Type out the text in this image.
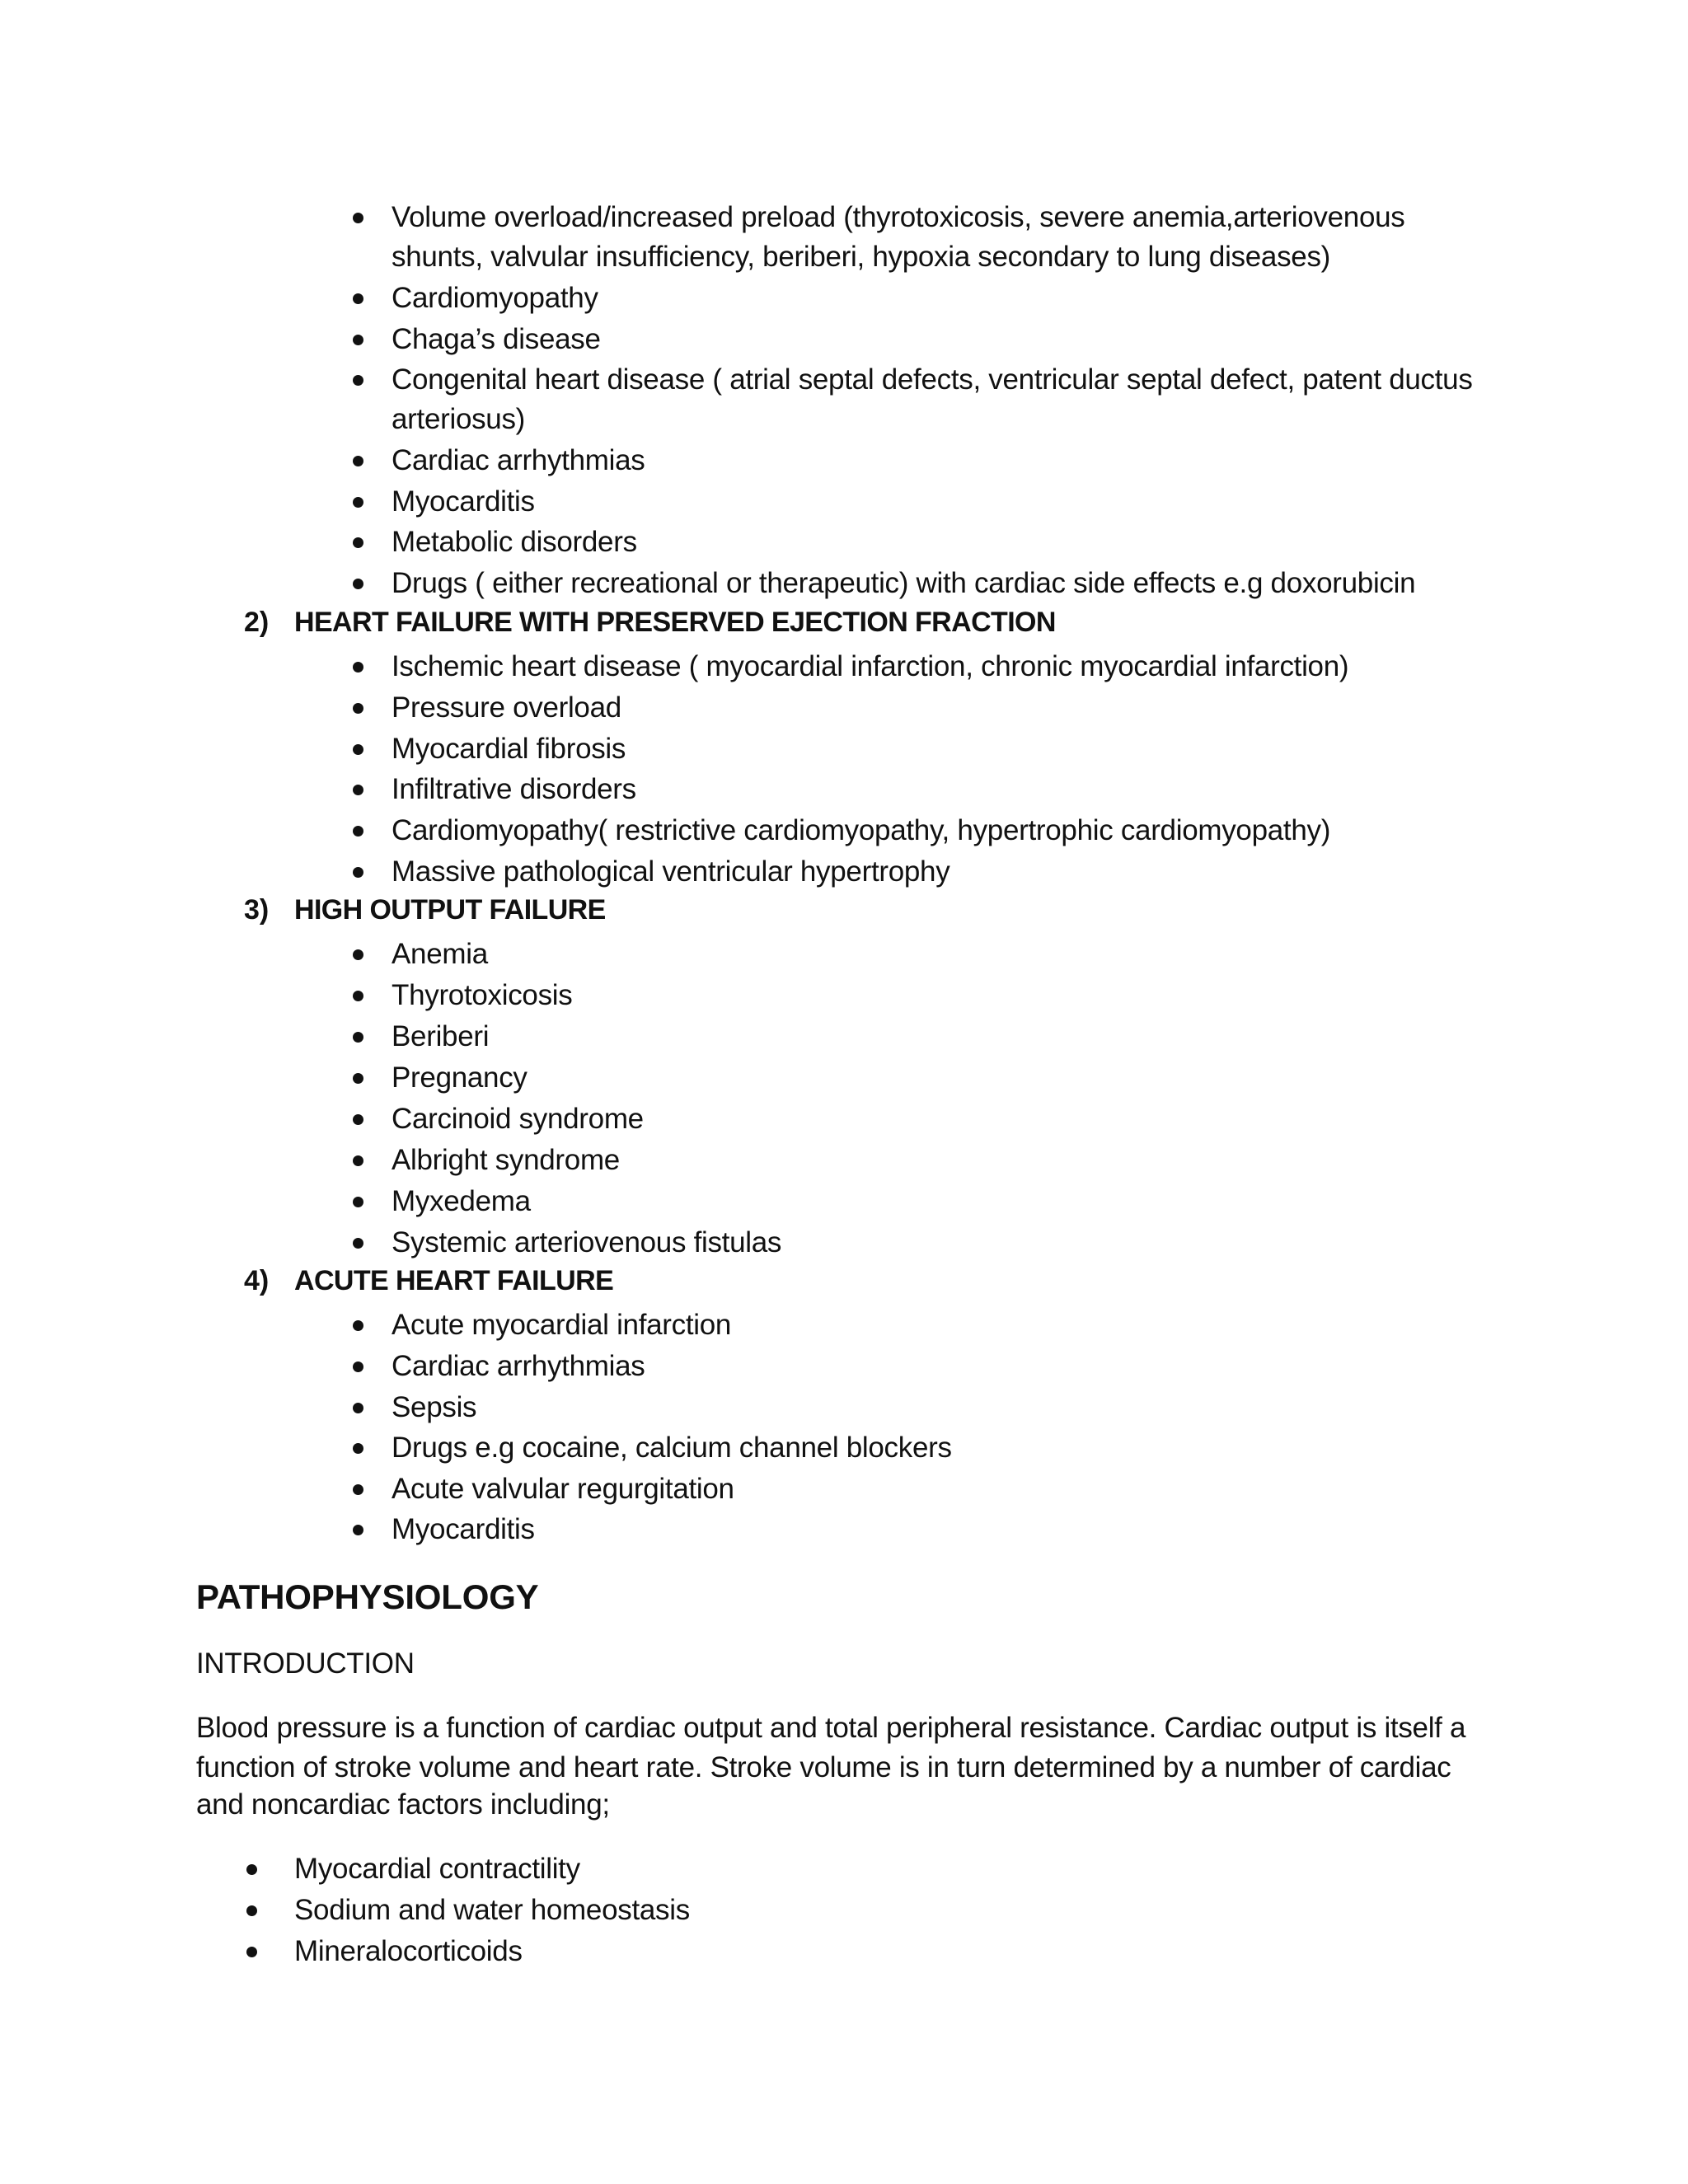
Volume overload/increased preload (thyrotoxicosis, severe anemia,arteriovenous
shunts, valvular insufficiency, beriberi, hypoxia secondary to lung diseases)
Cardiomyopathy
Chaga’s disease
Congenital heart disease ( atrial septal defects, ventricular septal defect, patent ductus
arteriosus)
Cardiac arrhythmias
Myocarditis
Metabolic disorders
Drugs ( either recreational or therapeutic) with cardiac side effects e.g doxorubicin
2) HEART FAILURE WITH PRESERVED EJECTION FRACTION
Ischemic heart disease ( myocardial infarction, chronic myocardial infarction)
Pressure overload
Myocardial fibrosis
Infiltrative disorders
Cardiomyopathy( restrictive cardiomyopathy, hypertrophic cardiomyopathy)
Massive pathological ventricular hypertrophy
3) HIGH OUTPUT FAILURE
Anemia
Thyrotoxicosis
Beriberi
Pregnancy
Carcinoid syndrome
Albright syndrome
Myxedema
Systemic arteriovenous fistulas
4) ACUTE HEART FAILURE
Acute myocardial infarction
Cardiac arrhythmias
Sepsis
Drugs e.g cocaine, calcium channel blockers
Acute valvular regurgitation
Myocarditis
PATHOPHYSIOLOGY
INTRODUCTION
Blood pressure is a function of cardiac output and total peripheral resistance. Cardiac output is itself a
function of stroke volume and heart rate. Stroke volume is in turn determined by a number of cardiac
and noncardiac factors including;
Myocardial contractility
Sodium and water homeostasis
Mineralocorticoids
